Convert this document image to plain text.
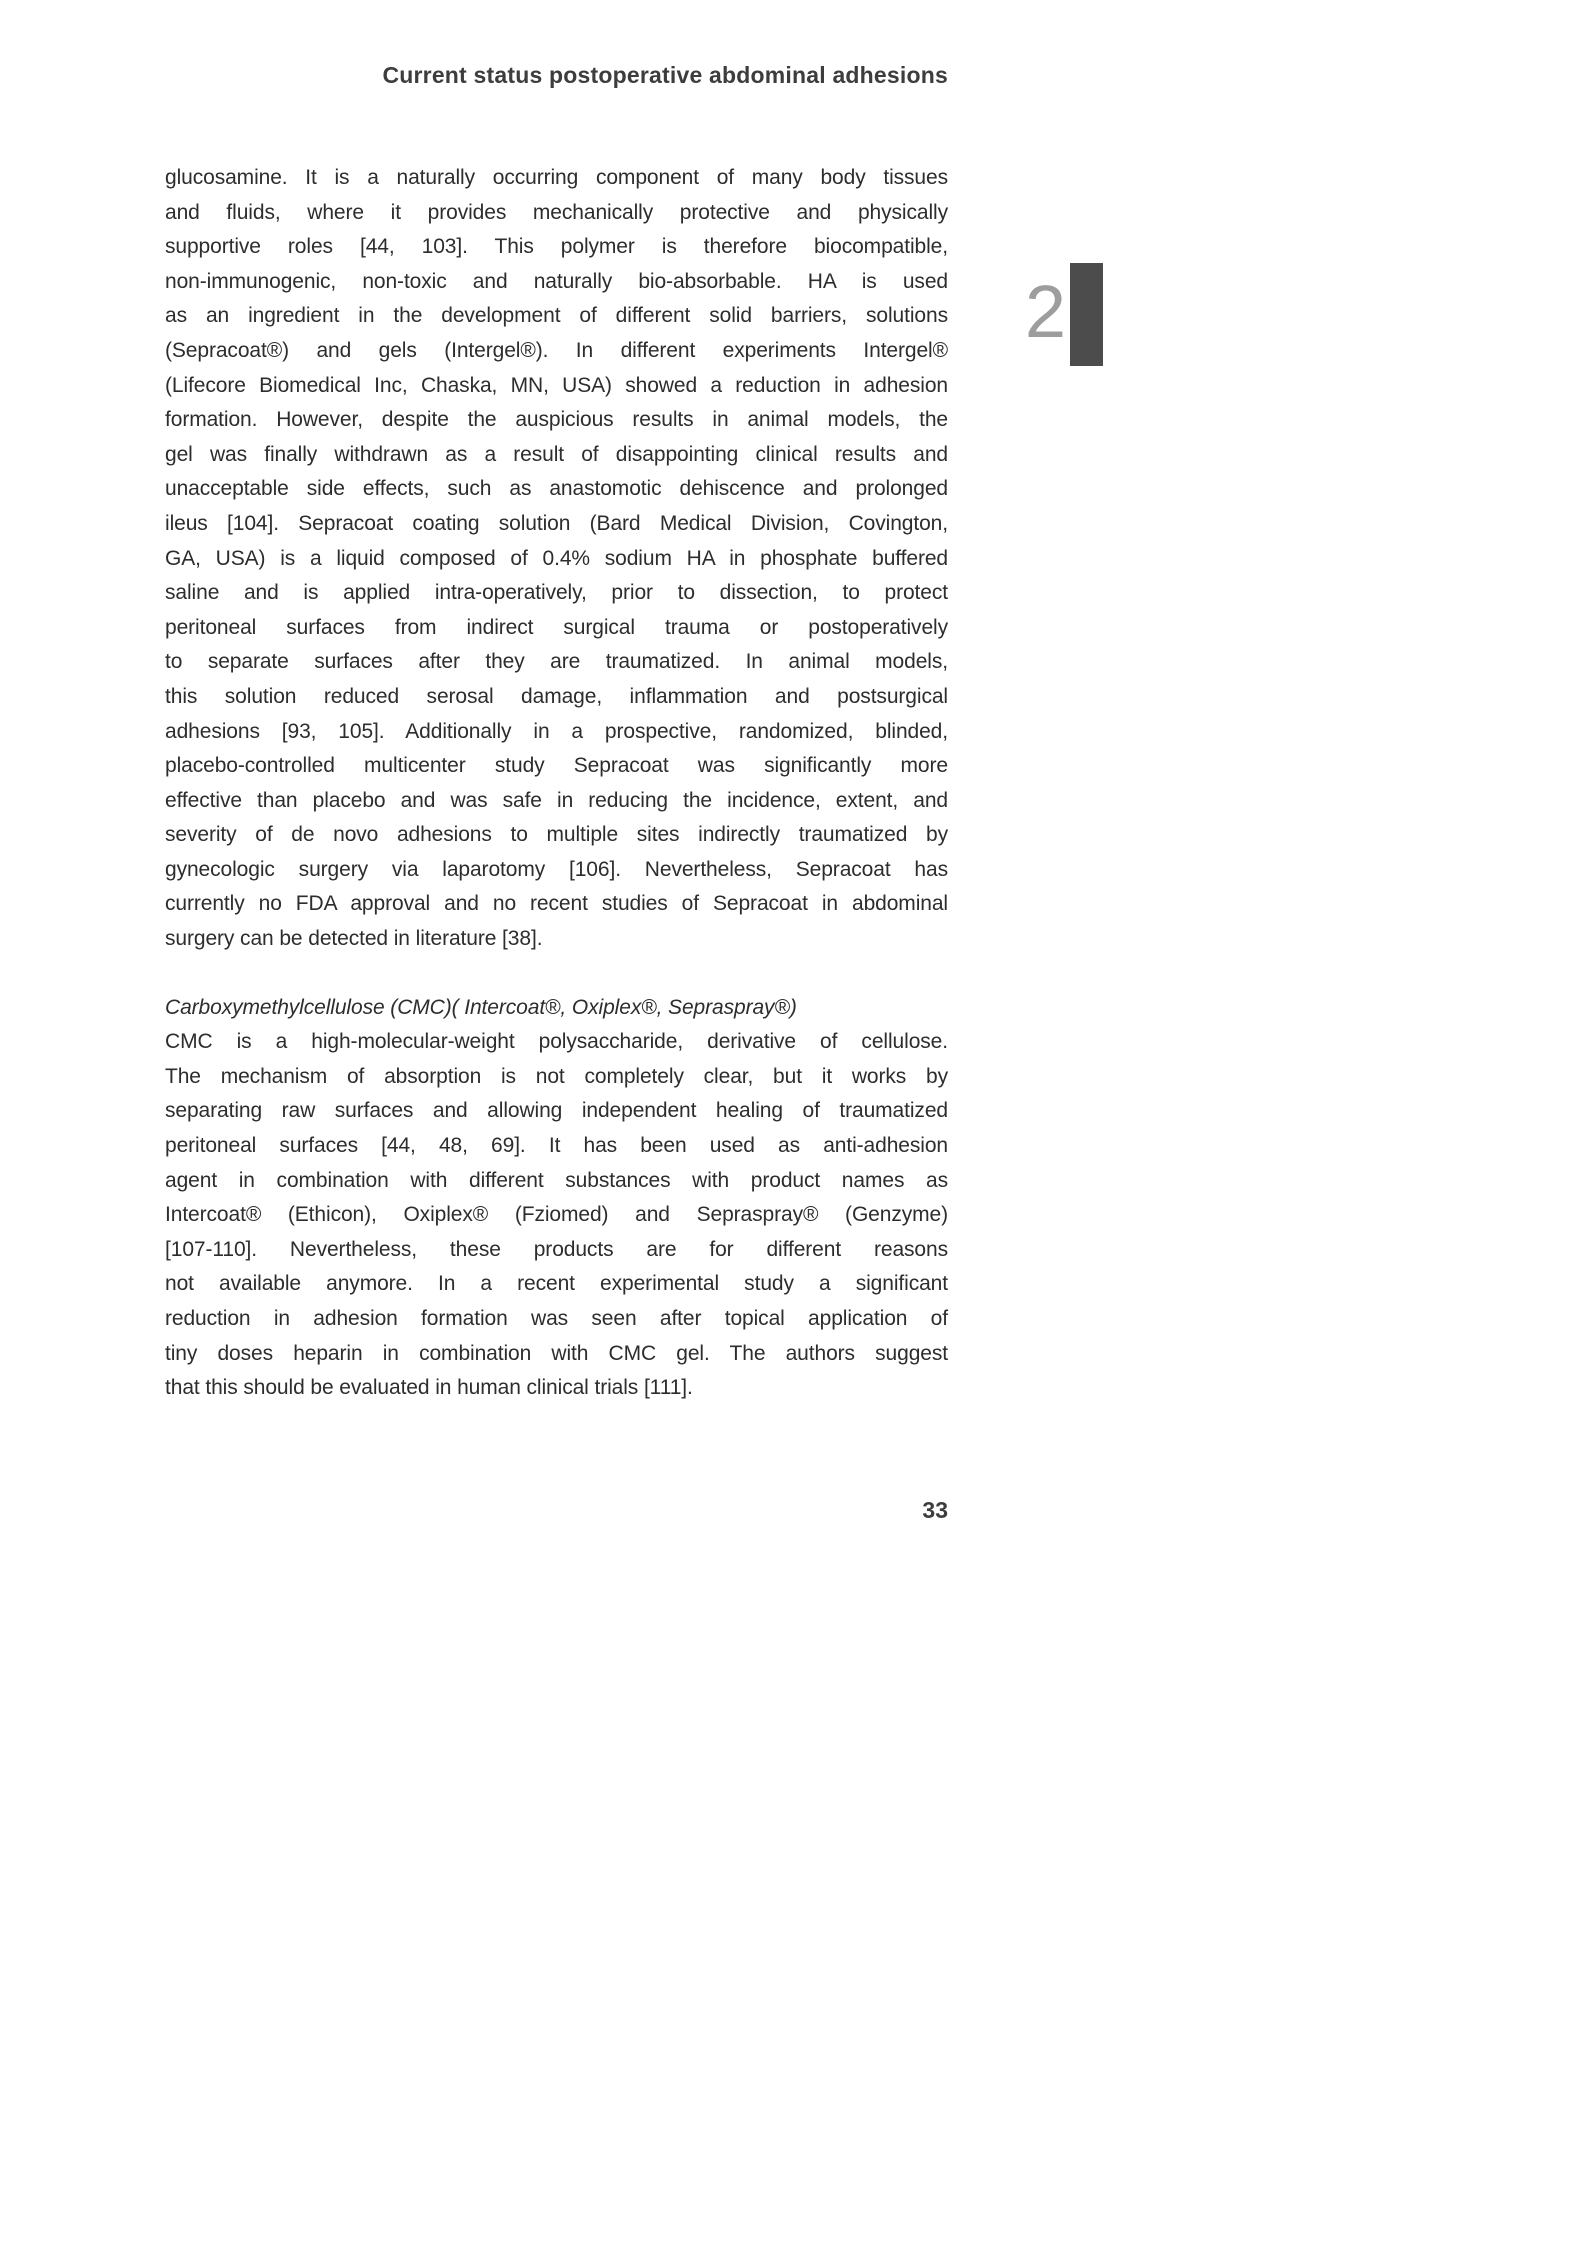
Current status postoperative abdominal adhesions
2
glucosamine. It is a naturally occurring component of many body tissues
and fluids, where it provides mechanically protective and physically
supportive roles [44, 103]. This polymer is therefore biocompatible,
non-immunogenic, non-toxic and naturally bio-absorbable. HA is used
as an ingredient in the development of different solid barriers, solutions
(Sepracoat®) and gels (Intergel®). In different experiments Intergel®
(Lifecore Biomedical Inc, Chaska, MN, USA) showed a reduction in adhesion
formation. However, despite the auspicious results in animal models, the
gel was finally withdrawn as a result of disappointing clinical results and
unacceptable side effects, such as anastomotic dehiscence and prolonged
ileus [104]. Sepracoat coating solution (Bard Medical Division, Covington,
GA, USA) is a liquid composed of 0.4% sodium HA in phosphate buffered
saline and is applied intra-operatively, prior to dissection, to protect
peritoneal surfaces from indirect surgical trauma or postoperatively
to separate surfaces after they are traumatized. In animal models,
this solution reduced serosal damage, inflammation and postsurgical
adhesions [93, 105]. Additionally in a prospective, randomized, blinded,
placebo-controlled multicenter study Sepracoat was significantly more
effective than placebo and was safe in reducing the incidence, extent, and
severity of de novo adhesions to multiple sites indirectly traumatized by
gynecologic surgery via laparotomy [106]. Nevertheless, Sepracoat has
currently no FDA approval and no recent studies of Sepracoat in abdominal
surgery can be detected in literature [38].
Carboxymethylcellulose (CMC)( Intercoat®, Oxiplex®, Sepraspray®)
CMC is a high-molecular-weight polysaccharide, derivative of cellulose.
The mechanism of absorption is not completely clear, but it works by
separating raw surfaces and allowing independent healing of traumatized
peritoneal surfaces [44, 48, 69]. It has been used as anti-adhesion
agent in combination with different substances with product names as
Intercoat® (Ethicon), Oxiplex® (Fziomed) and Sepraspray® (Genzyme)
[107-110]. Nevertheless, these products are for different reasons
not available anymore. In a recent experimental study a significant
reduction in adhesion formation was seen after topical application of
tiny doses heparin in combination with CMC gel. The authors suggest
that this should be evaluated in human clinical trials [111].
33
